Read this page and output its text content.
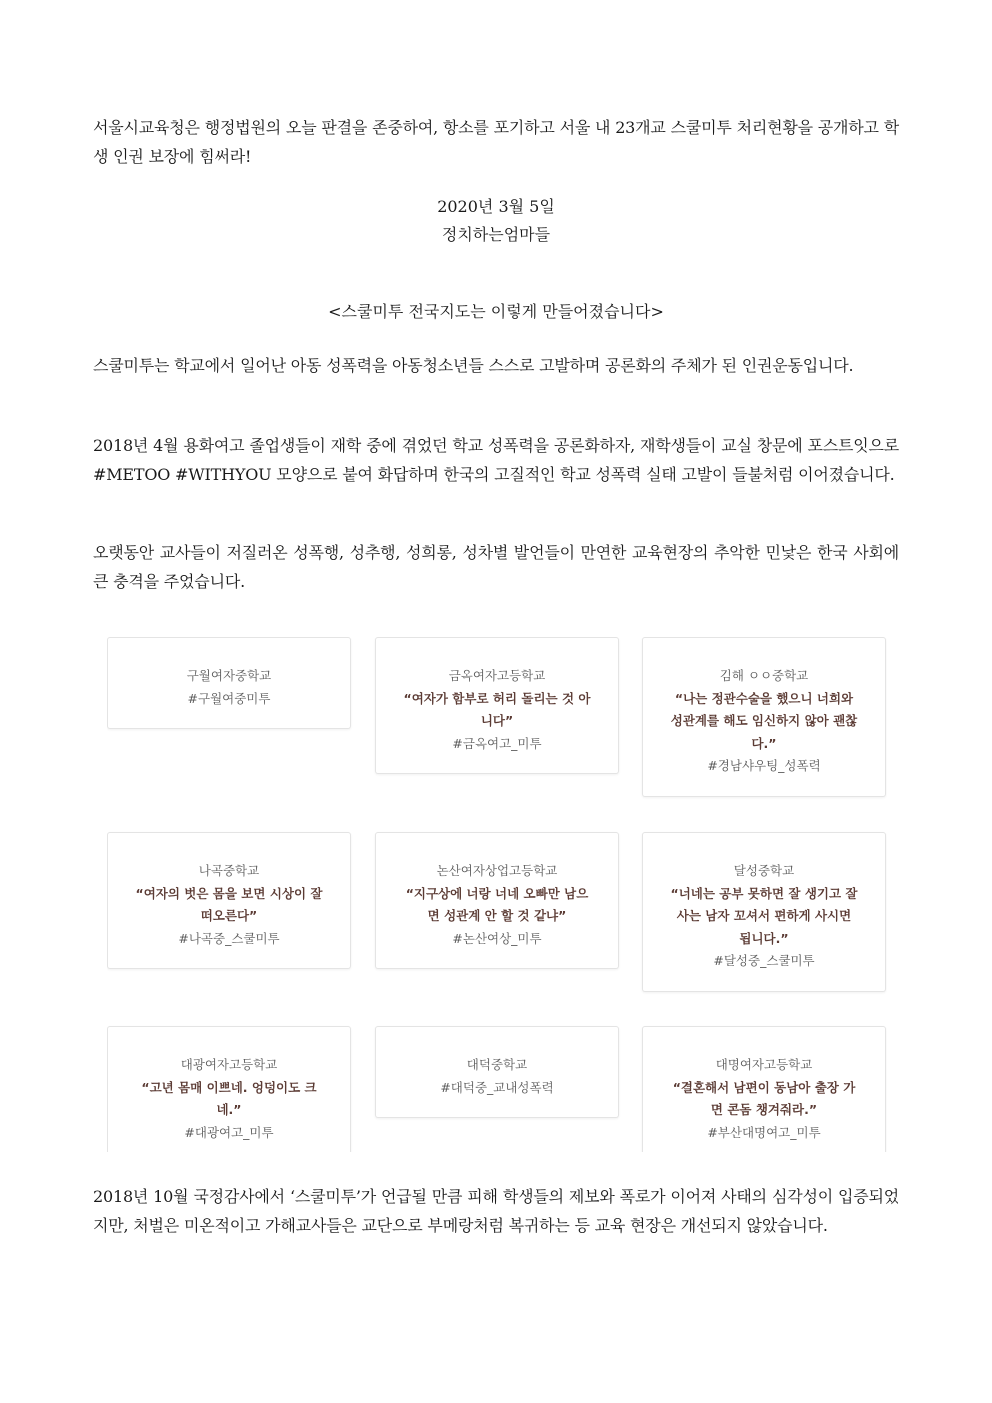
서울시교육청은 행정법원의 오늘 판결을 존중하여, 항소를 포기하고 서울 내 23개교 스쿨미투 처리현황을 공개하고 학생 인권 보장에 힘써라!

2020년 3월 5일

정치하는엄마들

<스쿨미투 전국지도는 이렇게 만들어졌습니다>

스쿨미투는 학교에서 일어난 아동 성폭력을 아동청소년들 스스로 고발하며 공론화의 주체가 된 인권운동입니다.

2018년 4월 용화여고 졸업생들이 재학 중에 겪었던 학교 성폭력을 공론화하자, 재학생들이 교실 창문에 포스트잇으로 #METOO #WITHYOU 모양으로 붙여 화답하며 한국의 고질적인 학교 성폭력 실태 고발이 들불처럼 이어졌습니다.

오랫동안 교사들이 저질러온 성폭행, 성추행, 성희롱, 성차별 발언들이 만연한 교육현장의 추악한 민낯은 한국 사회에 큰 충격을 주었습니다.

2018년 10월 국정감사에서 ‘스쿨미투’가 언급될 만큼 피해 학생들의 제보와 폭로가 이어져 사태의 심각성이 입증되었지만, 처벌은 미온적이고 가해교사들은 교단으로 부메랑처럼 복귀하는 등 교육 현장은 개선되지 않았습니다.

구월여자중학교
#구월여중미투
금옥여자고등학교
“여자가 함부로 허리 돌리는 것 아니다”
#금옥여고_미투
김해 ㅇㅇ중학교
“나는 정관수술을 했으니 너희와 성관계를 해도 임신하지 않아 괜찮다.”
#경남샤우팅_성폭력
나곡중학교
“여자의 벗은 몸을 보면 시상이 잘 떠오른다”
#나곡중_스쿨미투
논산여자상업고등학교
“지구상에 너랑 너네 오빠만 남으면 성관계 안 할 것 같냐”
#논산여상_미투
달성중학교
“너네는 공부 못하면 잘 생기고 잘 사는 남자 꼬셔서 편하게 사시면 됩니다.”
#달성중_스쿨미투
대광여자고등학교
“고년 몸매 이쁘네. 엉덩이도 크네.”
#대광여고_미투
대덕중학교
#대덕중_교내성폭력
대명여자고등학교
“결혼해서 남편이 동남아 출장 가면 콘돔 챙겨줘라.”
#부산대명여고_미투
